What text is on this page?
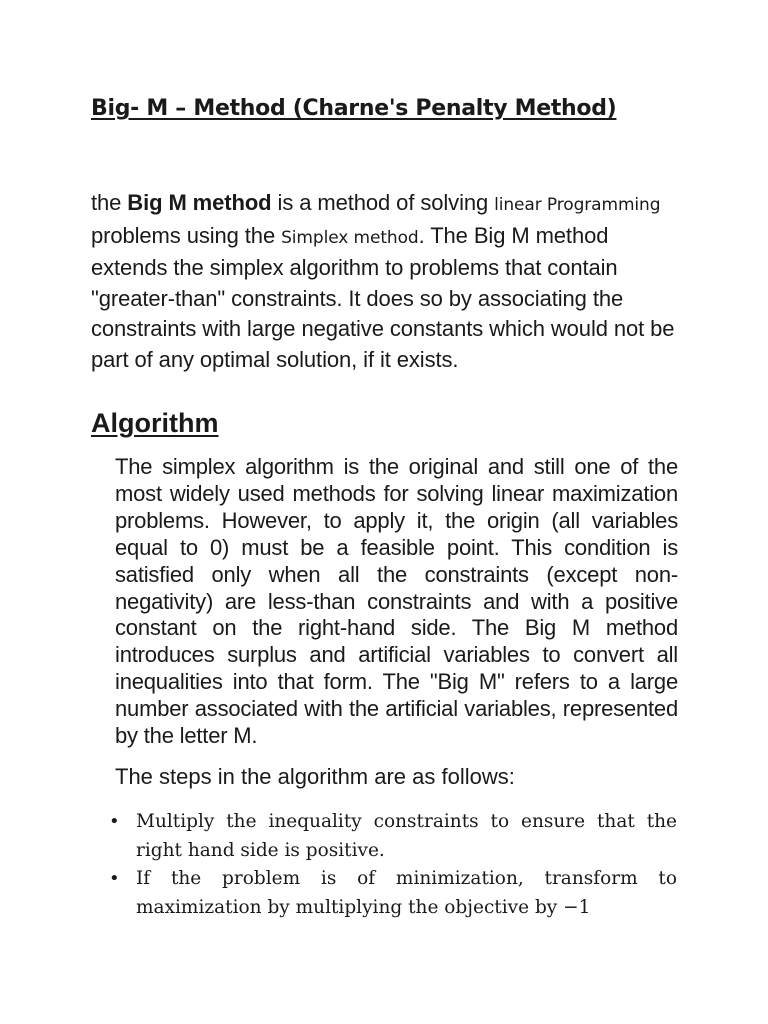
Big- M – Method (Charne's Penalty Method)

the Big M method is a method of solving linear Programming problems using the Simplex method. The Big M method extends the simplex algorithm to problems that contain "greater-than" constraints. It does so by associating the constraints with large negative constants which would not be part of any optimal solution, if it exists.

Algorithm

The simplex algorithm is the original and still one of the most widely used methods for solving linear maximization problems. However, to apply it, the origin (all variables equal to 0) must be a feasible point. This condition is satisfied only when all the constraints (except non-negativity) are less-than constraints and with a positive constant on the right-hand side. The Big M method introduces surplus and artificial variables to convert all inequalities into that form. The "Big M" refers to a large number associated with the artificial variables, represented by the letter M.

The steps in the algorithm are as follows:

• Multiply the inequality constraints to ensure that the right hand side is positive.
• If the problem is of minimization, transform to maximization by multiplying the objective by −1
